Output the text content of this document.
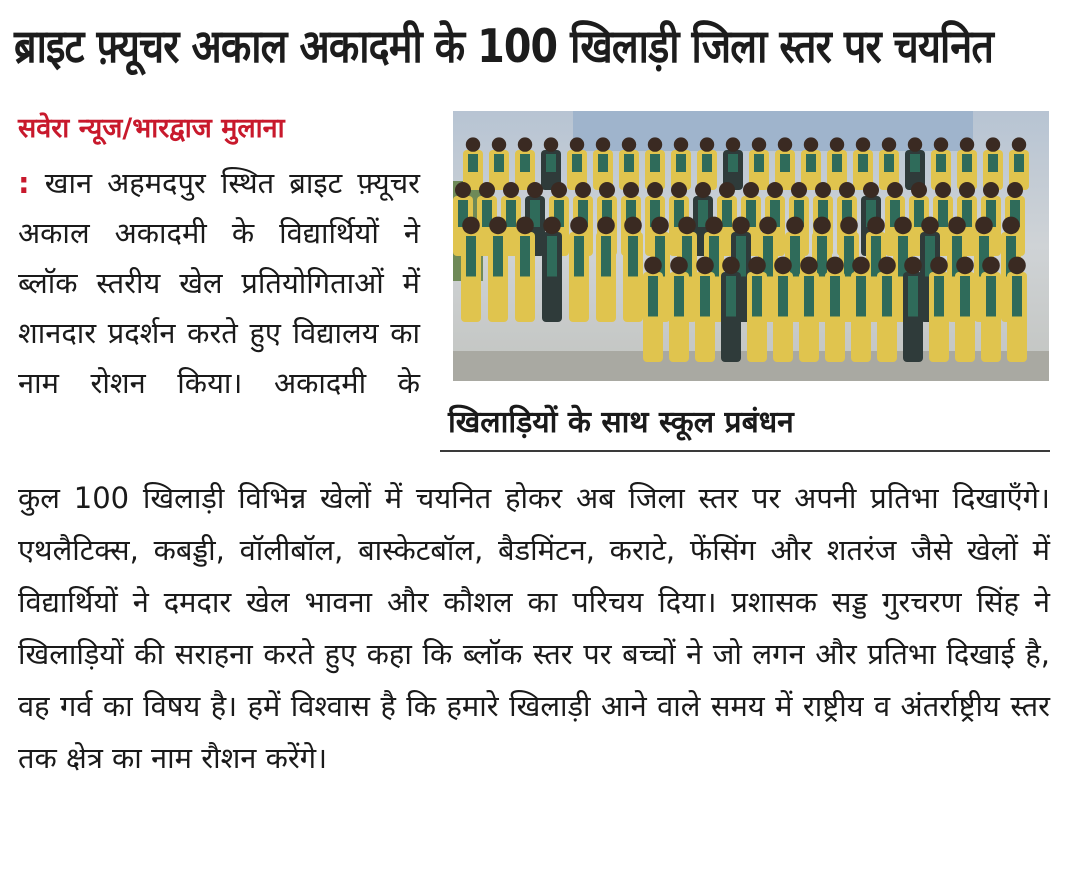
ब्राइट फ़्यूचर अकाल अकादमी के 100 खिलाड़ी जिला स्तर पर चयनित
सवेरा न्यूज/भारद्वाज मुलाना

: खान अहमदपुर स्थित ब्राइट फ़्यूचर अकाल अकादमी के विद्यार्थियों ने ब्लॉक स्तरीय खेल प्रतियोगिताओं में शानदार प्रदर्शन करते हुए विद्यालय का नाम रोशन किया। अकादमी के

खिलाड़ियों के साथ स्कूल प्रबंधन

कुल 100 खिलाड़ी विभिन्न खेलों में चयनित होकर अब जिला स्तर पर अपनी प्रतिभा दिखाएँगे। एथलैटिक्स, कबड्डी, वॉलीबॉल, बास्केटबॉल, बैडमिंटन, कराटे, फेंसिंग और शतरंज जैसे खेलों में विद्यार्थियों ने दमदार खेल भावना और कौशल का परिचय दिया। प्रशासक सड्ड गुरचरण सिंह ने खिलाड़ियों की सराहना करते हुए कहा कि ब्लॉक स्तर पर बच्चों ने जो लगन और प्रतिभा दिखाई है, वह गर्व का विषय है। हमें विश्वास है कि हमारे खिलाड़ी आने वाले समय में राष्ट्रीय व अंतर्राष्ट्रीय स्तर तक क्षेत्र का नाम रौशन करेंगे।
